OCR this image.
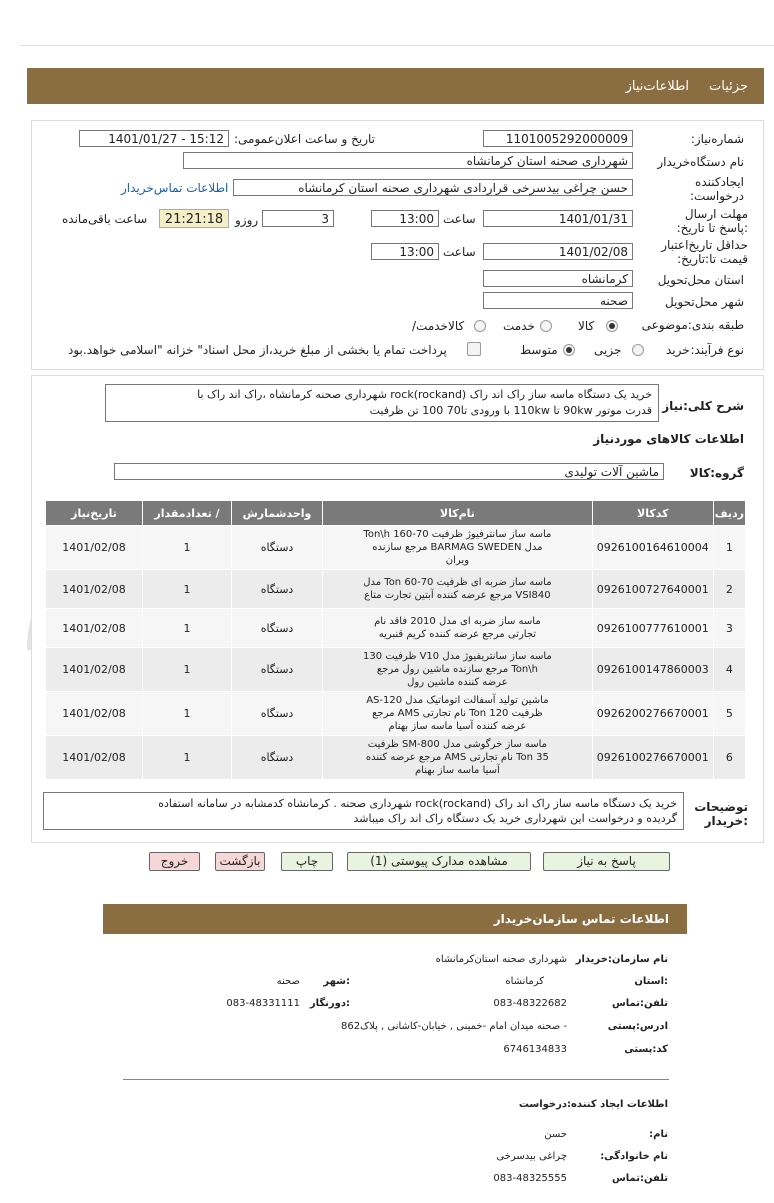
جزئیات
اطلاعات‌نیاز
شماره‌نیاز:
1101005292000009
تاریخ و ساعت اعلان‌عمومی:
1401/01/27 - 15:12
نام دستگاه‌خریدار
شهرداری صحنه استان کرمانشاه
ایجادکننده درخواست:
حسن چراغی بیدسرخی قراردادی شهرداری صحنه استان کرمانشاه
اطلاعات تماس‌خریدار
مهلت ارسال :پاسخ تا تاریخ:
1401/01/31
ساعت
13:00
3
روزو
21:21:18
ساعت باقی‌مانده
حداقل تاریخ‌اعتبار قیمت تا:تاریخ:
1401/02/08
ساعت
13:00
استان محل‌تحویل
کرمانشاه
شهر محل‌تحویل
صحنه
طبقه بندی:موضوعی
کالا
خدمت
کالاخدمت/
نوع فرآیند:
خرید
جزیی
متوسط
پرداخت تمام یا بخشی از مبلغ خرید،از محل اسناد" خزانه "اسلامی خواهد.بود
شرح کلی:نیاز
خرید یک دستگاه ماسه ساز راک اند راک rock(rockand) شهرداری صحنه کرمانشاه ،راک اند راک با
قدرت موتور 90kw تا 110kw با ورودی تا70 100 تن ظرفیت
اطلاعات کالاهای موردنیاز
گروه:کالا
ماشین آلات تولیدی
ردیف	کدکالا	نام‌کالا	واحدشمارش	/ تعدادمقدار	تاریخ‌نیاز
1	0926100164610004	ماسه ساز سانترفیوژ ظرفیت 70-160 Ton\h مدل BARMAG SWEDEN مرجع سازنده ویران	دستگاه	1	1401/02/08
2	0926100727640001	ماسه ساز ضربه ای ظرفیت 70-60 Ton مدل VSI840 مرجع عرضه کننده آبتین تجارت متاع	دستگاه	1	1401/02/08
3	0926100777610001	ماسه ساز ضربه ای مدل 2010 فاقد نام تجارتی مرجع عرضه کننده کریم قنبریه	دستگاه	1	1401/02/08
4	0926100147860003	ماسه ساز سانتریفیوژ مدل V10 ظرفیت 130 Ton\h مرجع سازنده ماشین رول مرجع عرضه کننده ماشین رول	دستگاه	1	1401/02/08
5	0926200276670001	ماشین تولید آسفالت اتوماتیک مدل AS-120 ظرفیت 120 Ton نام تجارتی AMS مرجع عرضه کننده آسیا ماسه ساز بهنام	دستگاه	1	1401/02/08
6	0926100276670001	ماسه ساز خرگوشی مدل SM-800 ظرفیت 35 Ton نام تجارتی AMS مرجع عرضه کننده آسیا ماسه ساز بهنام	دستگاه	1	1401/02/08
توضیحات :خریدار
خرید یک دستگاه ماسه ساز راک اند راک rock(rockand) شهرداری صحنه . کرمانشاه کدمشابه در سامانه استفاده
گردیده و درخواست این شهرداری خرید یک دستگاه راک اند راک میباشد
پاسخ به نیاز
مشاهده مدارک پیوستی (1)
چاپ
بازگشت
خروج
اطلاعات تماس سازمان‌خریدار
نام سازمان:خریدار
شهرداری صحنه استان‌کرمانشاه
:استان
کرمانشاه
:شهر
صحنه
تلفن:تماس
083-48322682
:دورنگار
083-48331111
ادرس:پستی
- صحنه میدان امام -خمینی , خیابان-کاشانی , پلاک862
کد:پستی
6746134833
اطلاعات ایجاد کننده:درخواست
نام:
حسن
نام خانوادگی:
چراغی بیدسرخی
تلفن:تماس
083-48325555
